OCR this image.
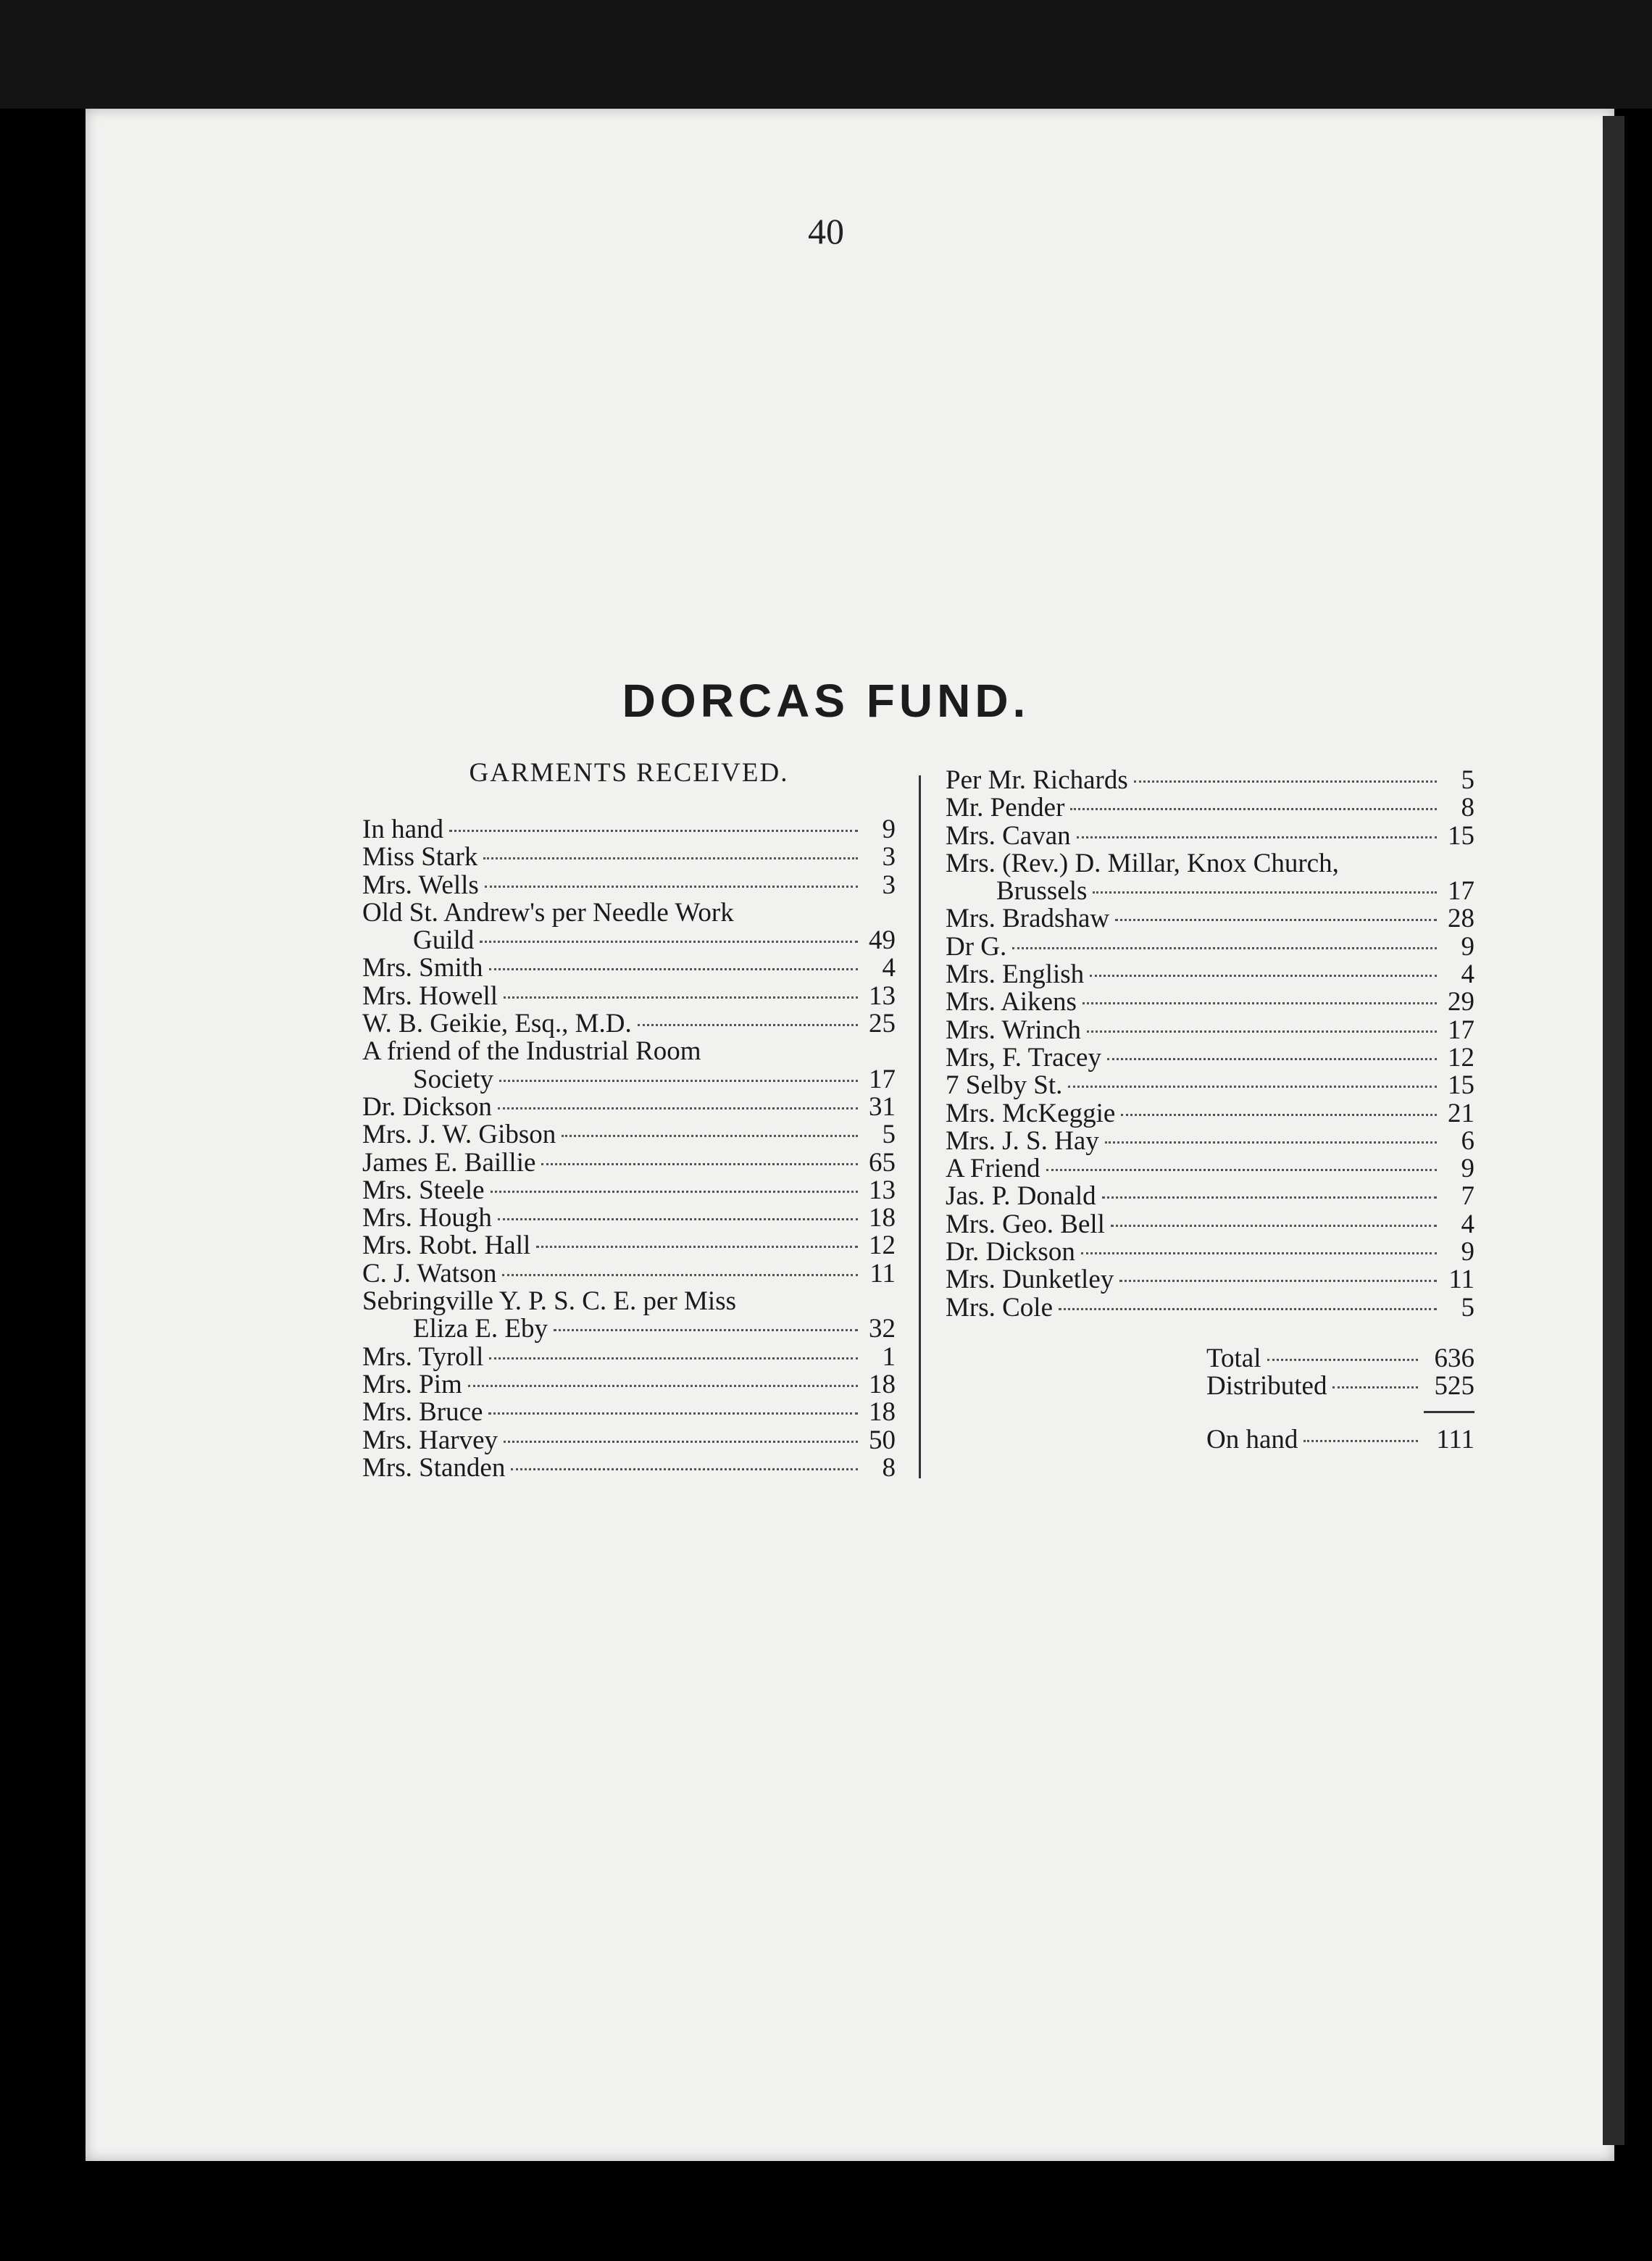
40
DORCAS FUND.
GARMENTS RECEIVED.
In hand	9
Miss Stark	3
Mrs. Wells	3
Old St. Andrew's per Needle Work
Guild	49
Mrs. Smith	4
Mrs. Howell	13
W. B. Geikie, Esq., M.D.	25
A friend of the Industrial Room
Society	17
Dr. Dickson	31
Mrs. J. W. Gibson	5
James E. Baillie	65
Mrs. Steele	13
Mrs. Hough	18
Mrs. Robt. Hall	12
C. J. Watson	11
Sebringville Y. P. S. C. E. per Miss
Eliza E. Eby	32
Mrs. Tyroll	1
Mrs. Pim	18
Mrs. Bruce	18
Mrs. Harvey	50
Mrs. Standen	8
Per Mr. Richards	5
Mr. Pender	8
Mrs. Cavan	15
Mrs. (Rev.) D. Millar, Knox Church,
Brussels	17
Mrs. Bradshaw	28
Dr G.	9
Mrs. English	4
Mrs. Aikens	29
Mrs. Wrinch	17
Mrs, F. Tracey	12
7 Selby St.	15
Mrs. McKeggie	21
Mrs. J. S. Hay	6
A Friend	9
Jas. P. Donald	7
Mrs. Geo. Bell	4
Dr. Dickson	9
Mrs. Dunketley	11
Mrs. Cole	5
Total	636
Distributed	525
On hand	111
